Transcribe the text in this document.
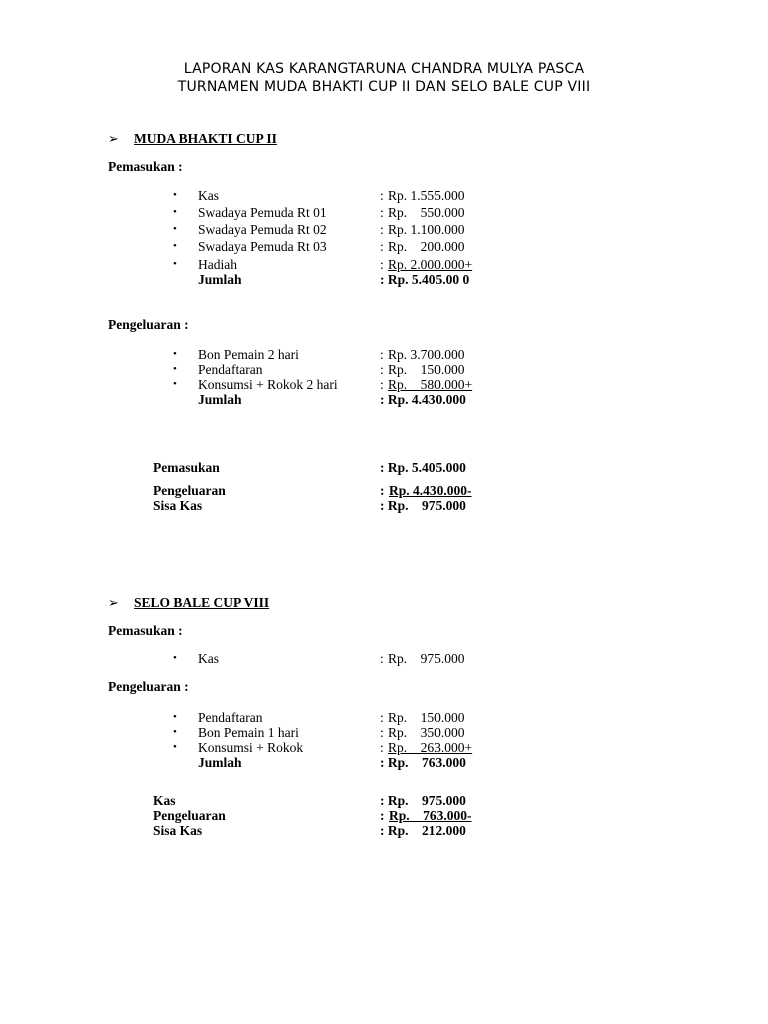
LAPORAN KAS KARANGTARUNA CHANDRA MULYA PASCA
TURNAMEN MUDA BHAKTI CUP II DAN SELO BALE CUP VIII
➢ MUDA BHAKTI CUP II
Pemasukan :
• Kas	: Rp. 1.555.000
• Swadaya Pemuda Rt 01	: Rp.    550.000
• Swadaya Pemuda Rt 02	: Rp. 1.100.000
• Swadaya Pemuda Rt 03	: Rp.    200.000
• Hadiah	: Rp. 2.000.000+
Jumlah	: Rp. 5.405.00 0
Pengeluaran :
• Bon Pemain 2 hari	: Rp. 3.700.000
• Pendaftaran	: Rp.    150.000
• Konsumsi + Rokok 2 hari	: Rp.    580.000+
Jumlah	: Rp. 4.430.000
Pemasukan	: Rp. 5.405.000
Pengeluaran	: Rp. 4.430.000-
Sisa Kas	: Rp.    975.000
➢ SELO BALE CUP VIII
Pemasukan :
• Kas	: Rp.    975.000
Pengeluaran :
• Pendaftaran	: Rp.    150.000
• Bon Pemain 1 hari	: Rp.    350.000
• Konsumsi + Rokok	: Rp.    263.000+
Jumlah	: Rp.    763.000
Kas	: Rp.    975.000
Pengeluaran	: Rp.    763.000-
Sisa Kas	: Rp.    212.000
